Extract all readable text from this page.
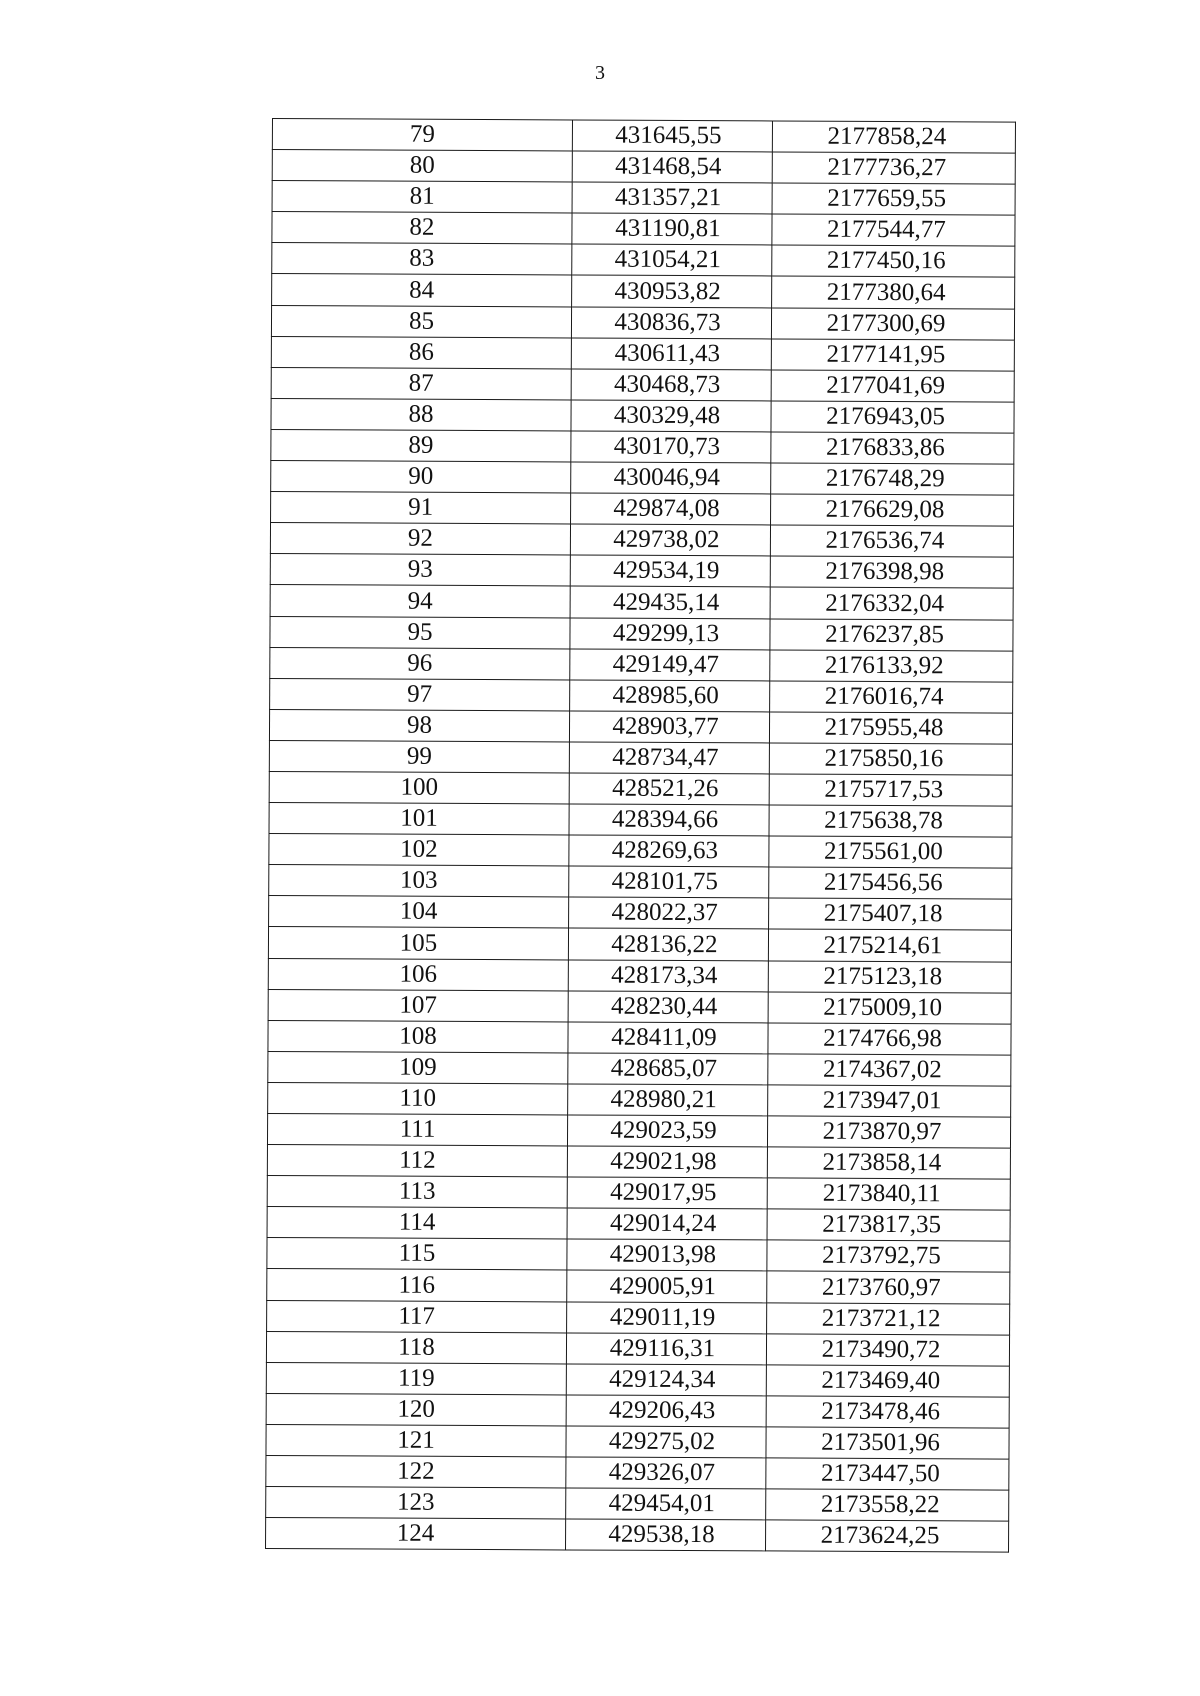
3
79	431645,55	2177858,24
80	431468,54	2177736,27
81	431357,21	2177659,55
82	431190,81	2177544,77
83	431054,21	2177450,16
84	430953,82	2177380,64
85	430836,73	2177300,69
86	430611,43	2177141,95
87	430468,73	2177041,69
88	430329,48	2176943,05
89	430170,73	2176833,86
90	430046,94	2176748,29
91	429874,08	2176629,08
92	429738,02	2176536,74
93	429534,19	2176398,98
94	429435,14	2176332,04
95	429299,13	2176237,85
96	429149,47	2176133,92
97	428985,60	2176016,74
98	428903,77	2175955,48
99	428734,47	2175850,16
100	428521,26	2175717,53
101	428394,66	2175638,78
102	428269,63	2175561,00
103	428101,75	2175456,56
104	428022,37	2175407,18
105	428136,22	2175214,61
106	428173,34	2175123,18
107	428230,44	2175009,10
108	428411,09	2174766,98
109	428685,07	2174367,02
110	428980,21	2173947,01
111	429023,59	2173870,97
112	429021,98	2173858,14
113	429017,95	2173840,11
114	429014,24	2173817,35
115	429013,98	2173792,75
116	429005,91	2173760,97
117	429011,19	2173721,12
118	429116,31	2173490,72
119	429124,34	2173469,40
120	429206,43	2173478,46
121	429275,02	2173501,96
122	429326,07	2173447,50
123	429454,01	2173558,22
124	429538,18	2173624,25
